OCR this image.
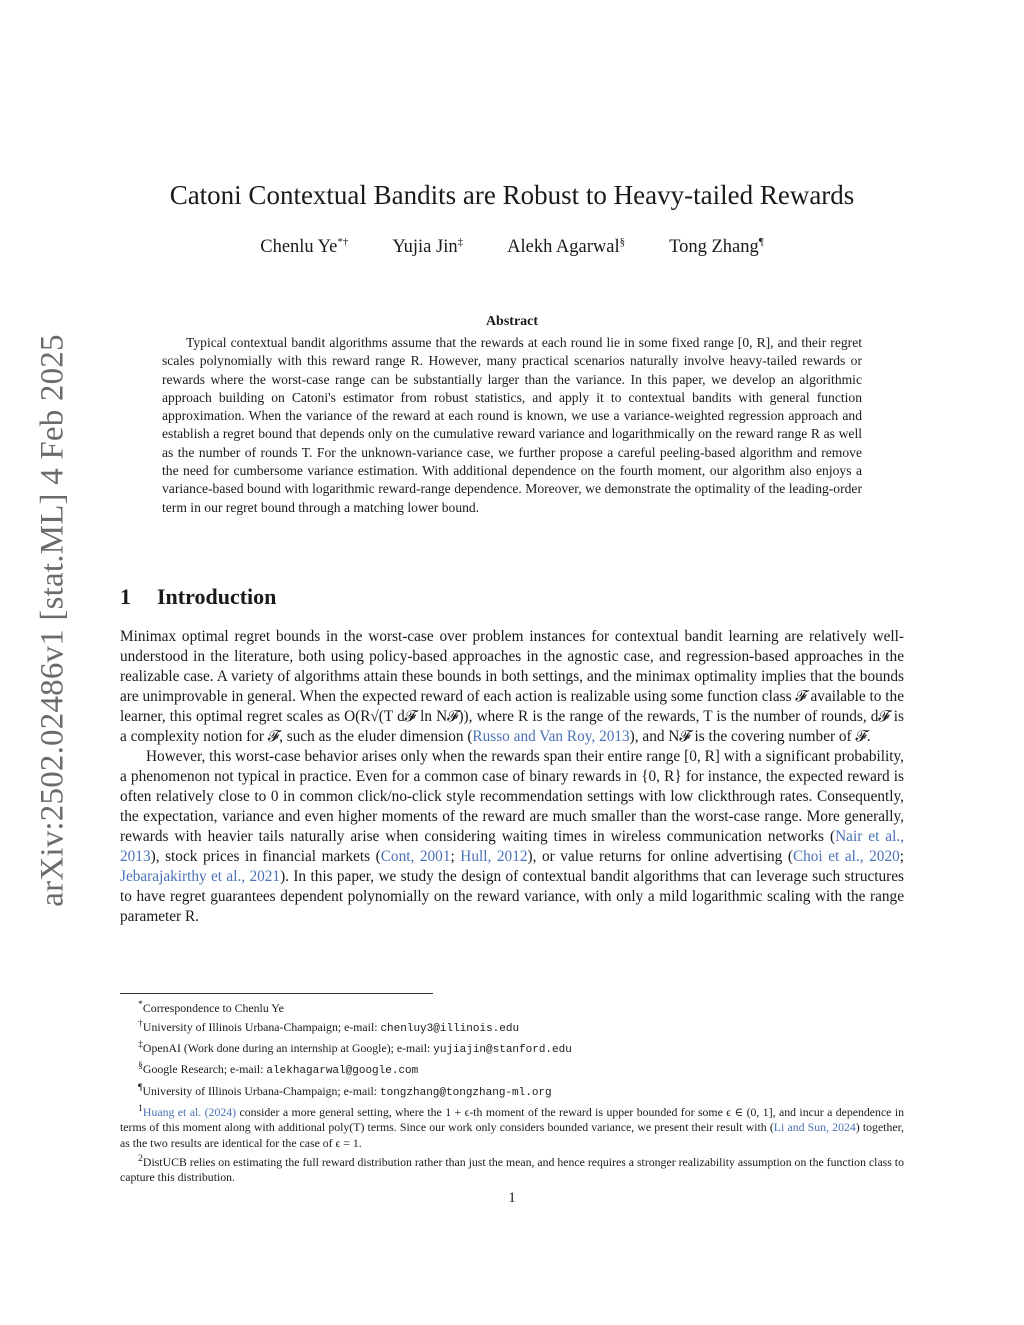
arXiv:2502.02486v1 [stat.ML] 4 Feb 2025
Catoni Contextual Bandits are Robust to Heavy-tailed Rewards
Chenlu Ye*† Yujia Jin‡ Alekh Agarwal§ Tong Zhang¶
Abstract

Typical contextual bandit algorithms assume that the rewards at each round lie in some fixed range [0, R], and their regret scales polynomially with this reward range R. However, many practical scenarios naturally involve heavy-tailed rewards or rewards where the worst-case range can be substantially larger than the variance. In this paper, we develop an algorithmic approach building on Catoni's estimator from robust statistics, and apply it to contextual bandits with general function approximation. When the variance of the reward at each round is known, we use a variance-weighted regression approach and establish a regret bound that depends only on the cumulative reward variance and logarithmically on the reward range R as well as the number of rounds T. For the unknown-variance case, we further propose a careful peeling-based algorithm and remove the need for cumbersome variance estimation. With additional dependence on the fourth moment, our algorithm also enjoys a variance-based bound with logarithmic reward-range dependence. Moreover, we demonstrate the optimality of the leading-order term in our regret bound through a matching lower bound.

1 Introduction

Minimax optimal regret bounds in the worst-case over problem instances for contextual bandit learning are relatively well-understood in the literature, both using policy-based approaches in the agnostic case, and regression-based approaches in the realizable case. A variety of algorithms attain these bounds in both settings, and the minimax optimality implies that the bounds are unimprovable in general. When the expected reward of each action is realizable using some function class 𝓕 available to the learner, this optimal regret scales as O(R√(T d𝓕 ln N𝓕)), where R is the range of the rewards, T is the number of rounds, d𝓕 is a complexity notion for 𝓕, such as the eluder dimension (Russo and Van Roy, 2013), and N𝓕 is the covering number of 𝓕.

However, this worst-case behavior arises only when the rewards span their entire range [0, R] with a significant probability, a phenomenon not typical in practice. Even for a common case of binary rewards in {0, R} for instance, the expected reward is often relatively close to 0 in common click/no-click style recommendation settings with low clickthrough rates. Consequently, the expectation, variance and even higher moments of the reward are much smaller than the worst-case range. More generally, rewards with heavier tails naturally arise when considering waiting times in wireless communication networks (Nair et al., 2013), stock prices in financial markets (Cont, 2001; Hull, 2012), or value returns for online advertising (Choi et al., 2020; Jebarajakirthy et al., 2021). In this paper, we study the design of contextual bandit algorithms that can leverage such structures to have regret guarantees dependent polynomially on the reward variance, with only a mild logarithmic scaling with the range parameter R.

*Correspondence to Chenlu Ye

†University of Illinois Urbana-Champaign; e-mail: chenluy3@illinois.edu

‡OpenAI (Work done during an internship at Google); e-mail: yujiajin@stanford.edu

§Google Research; e-mail: alekhagarwal@google.com

¶University of Illinois Urbana-Champaign; e-mail: tongzhang@tongzhang-ml.org

$^1$Huang et al. (2024) consider a more general setting, where the 1 + ϵ-th moment of the reward is upper bounded for some ϵ ∈ (0, 1], and incur a dependence in terms of this moment along with additional poly(T) terms. Since our work only considers bounded variance, we present their result with (Li and Sun, 2024) together, as the two results are identical for the case of ϵ = 1.

$^2$DistUCB relies on estimating the full reward distribution rather than just the mean, and hence requires a stronger realizability assumption on the function class to capture this distribution.

1
